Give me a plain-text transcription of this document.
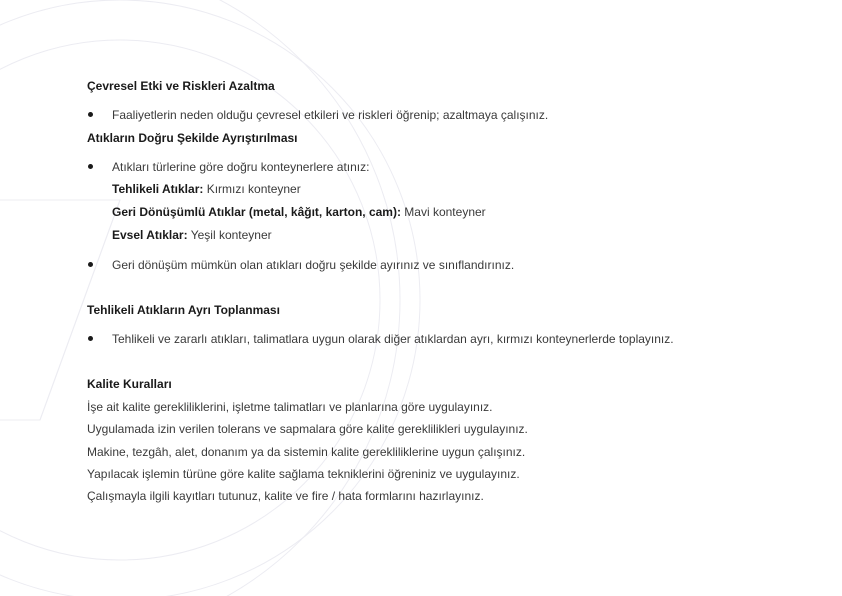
Çevresel Etki ve Riskleri Azaltma
Faaliyetlerin neden olduğu çevresel etkileri ve riskleri öğrenip; azaltmaya çalışınız.
Atıkların Doğru Şekilde Ayrıştırılması
Atıkları türlerine göre doğru konteynerlere atınız:
Tehlikeli Atıklar: Kırmızı konteyner
Geri Dönüşümlü Atıklar (metal, kâğıt, karton, cam): Mavi konteyner
Evsel Atıklar: Yeşil konteyner
Geri dönüşüm mümkün olan atıkları doğru şekilde ayırınız ve sınıflandırınız.
Tehlikeli Atıkların Ayrı Toplanması
Tehlikeli ve zararlı atıkları, talimatlara uygun olarak diğer atıklardan ayrı, kırmızı konteynerlerde toplayınız.
Kalite Kuralları
İşe ait kalite gerekliliklerini, işletme talimatları ve planlarına göre uygulayınız.
Uygulamada izin verilen tolerans ve sapmalara göre kalite gereklilikleri uygulayınız.
Makine, tezgâh, alet, donanım ya da sistemin kalite gerekliliklerine uygun çalışınız.
Yapılacak işlemin türüne göre kalite sağlama tekniklerini öğreniniz ve uygulayınız.
Çalışmayla ilgili kayıtları tutunuz, kalite ve fire / hata formlarını hazırlayınız.
